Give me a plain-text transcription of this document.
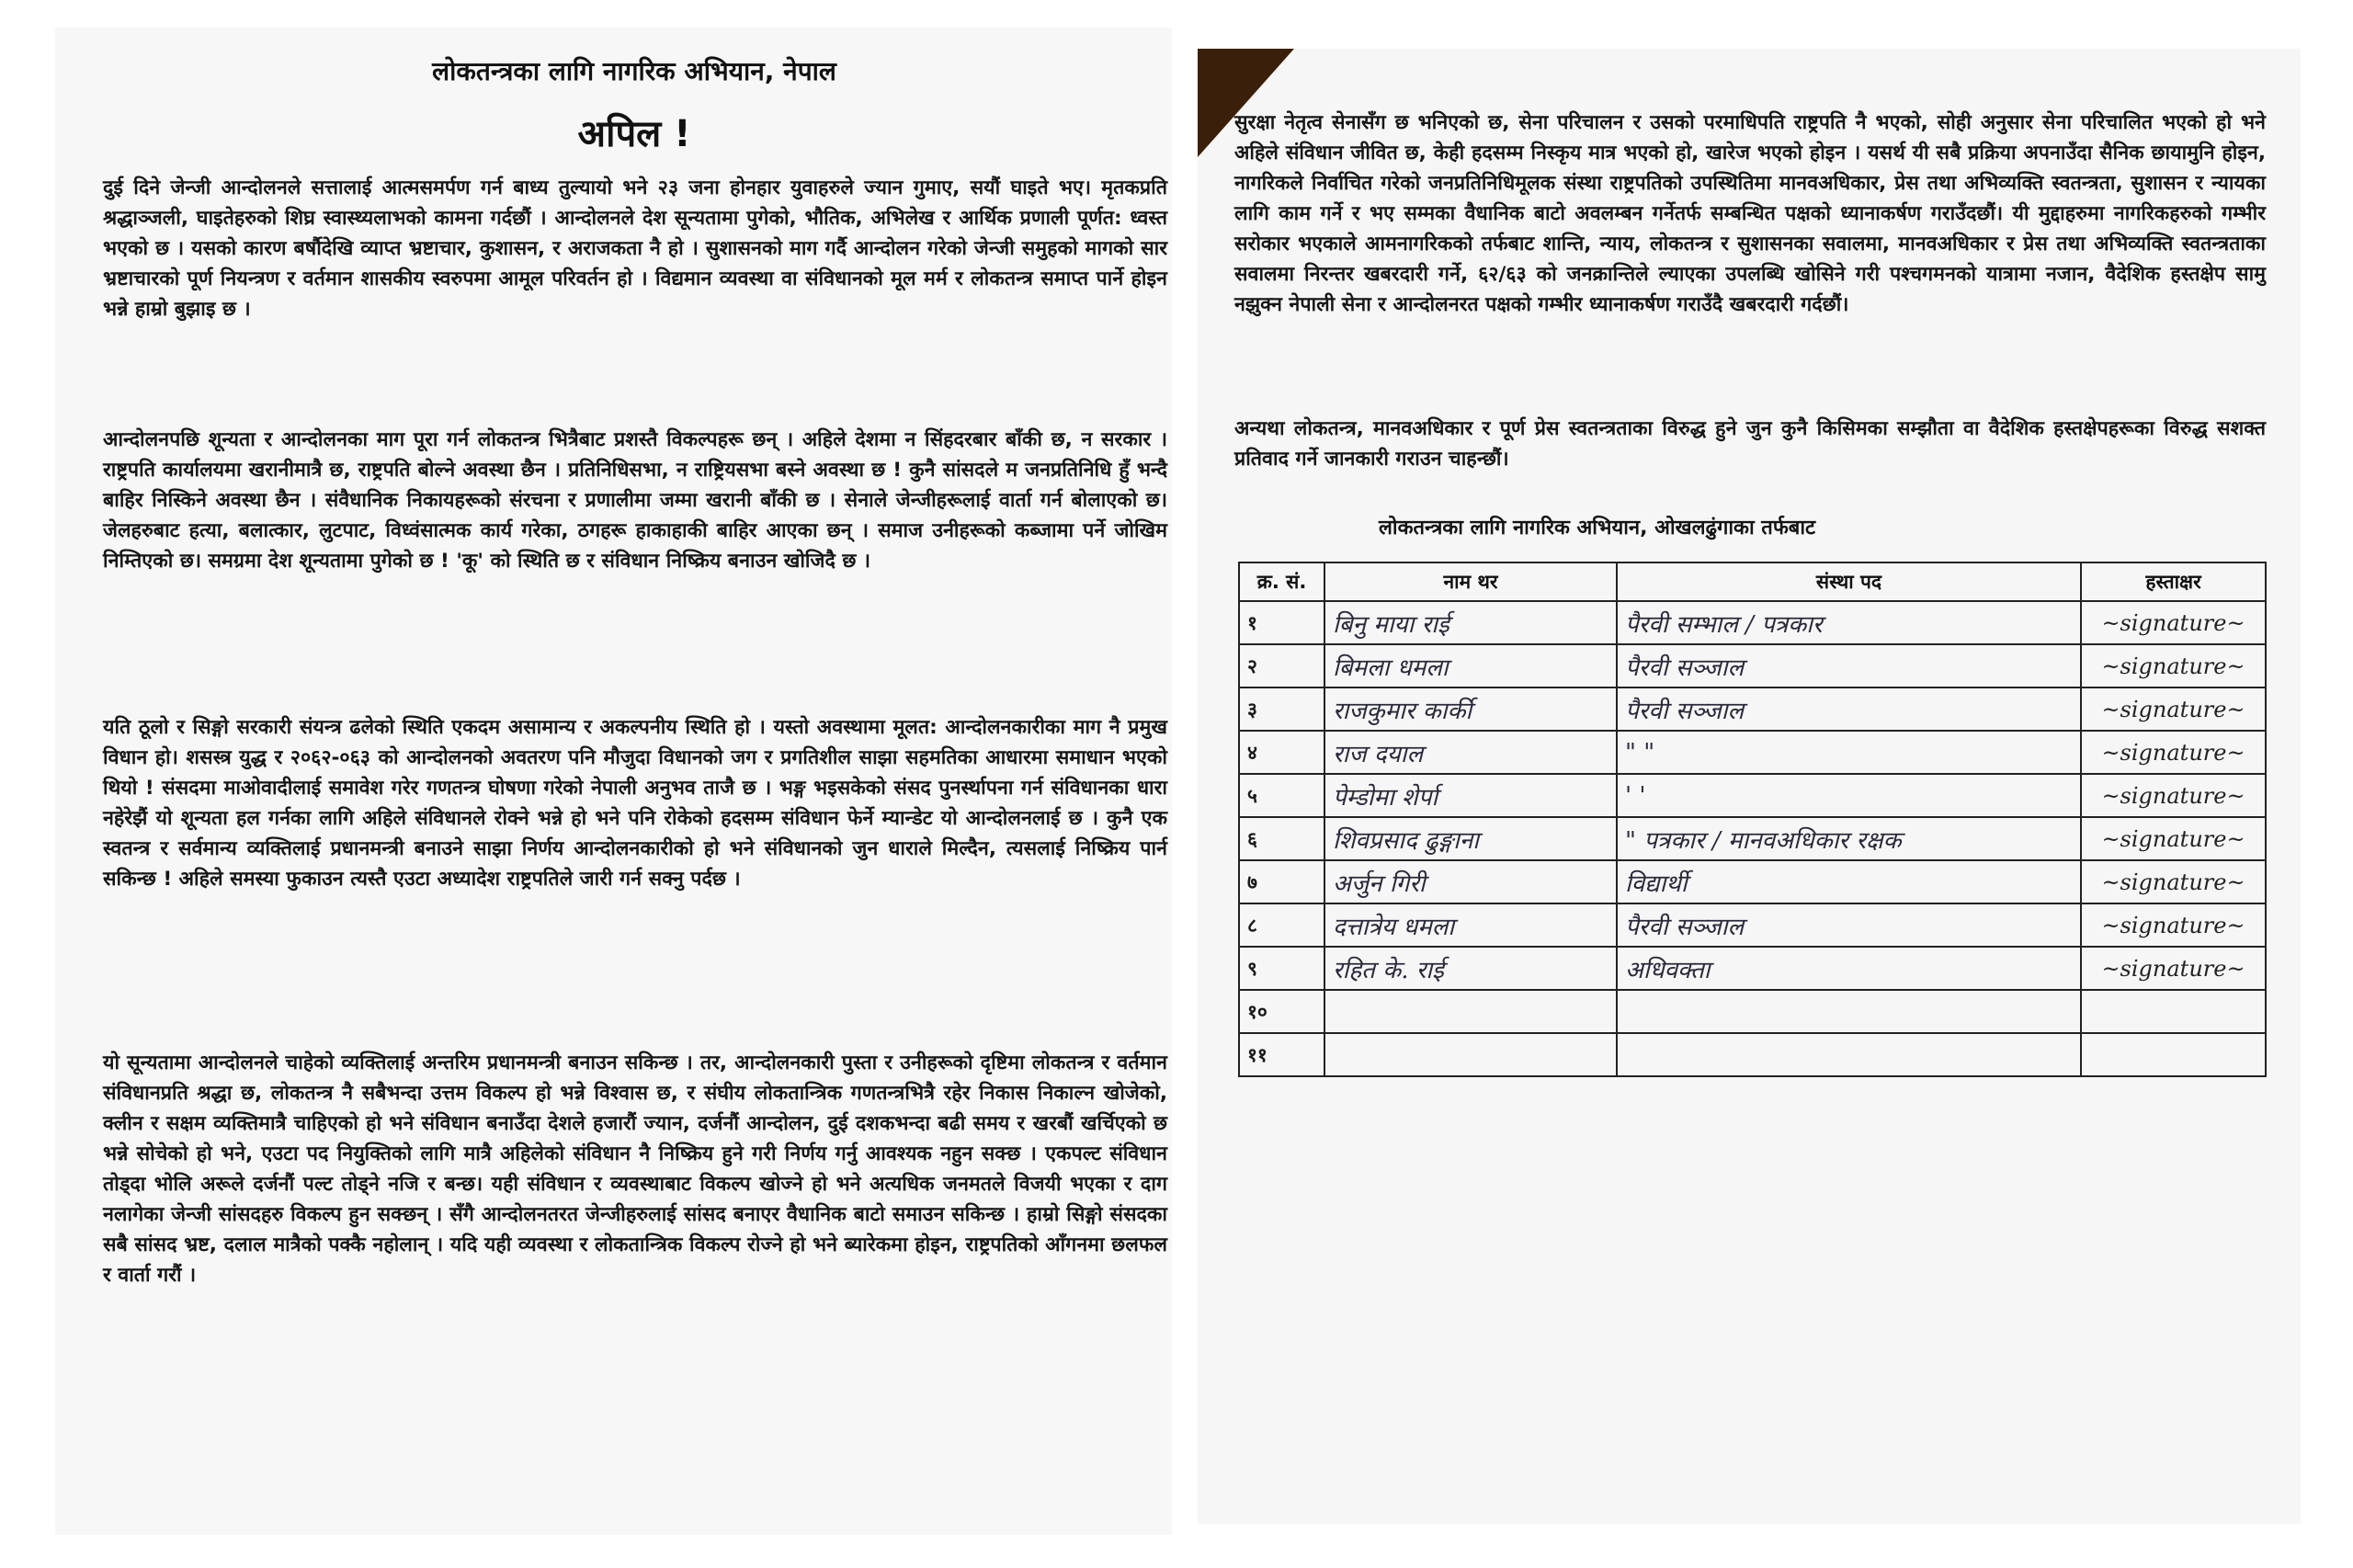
लोकतन्त्रका लागि नागरिक अभियान, नेपाल
अपिल !
दुई दिने जेन्जी आन्दोलनले सत्तालाई आत्मसमर्पण गर्न बाध्य तुल्यायो भने २३ जना होनहार युवाहरुले ज्यान गुमाए, सयौं घाइते भए। मृतकप्रति श्रद्धाञ्जली, घाइतेहरुको शिघ्र स्वास्थ्यलाभको कामना गर्दछौं । आन्दोलनले देश सून्यतामा पुगेको, भौतिक, अभिलेख र आर्थिक प्रणाली पूर्णत: ध्वस्त भएको छ । यसको कारण बर्षौदेखि व्याप्त भ्रष्टाचार, कुशासन, र अराजकता नै हो । सुशासनको माग गर्दै आन्दोलन गरेको जेन्जी समुहको मागको सार भ्रष्टाचारको पूर्ण नियन्त्रण र वर्तमान शासकीय स्वरुपमा आमूल परिवर्तन हो । विद्यमान व्यवस्था वा संविधानको मूल मर्म र लोकतन्त्र समाप्त पार्ने होइन भन्ने हाम्रो बुझाइ छ ।
आन्दोलनपछि शून्यता र आन्दोलनका माग पूरा गर्न लोकतन्त्र भित्रैबाट प्रशस्तै विकल्पहरू छन् । अहिले देशमा न सिंहदरबार बाँकी छ, न सरकार । राष्ट्रपति कार्यालयमा खरानीमात्रै छ, राष्ट्रपति बोल्ने अवस्था छैन । प्रतिनिधिसभा, न राष्ट्रियसभा बस्ने अवस्था छ ! कुनै सांसदले म जनप्रतिनिधि हुँ भन्दै बाहिर निस्किने अवस्था छैन । संवैधानिक निकायहरूको संरचना र प्रणालीमा जम्मा खरानी बाँकी छ । सेनाले जेन्जीहरूलाई वार्ता गर्न बोलाएको छ। जेलहरुबाट हत्या, बलात्कार, लुटपाट, विध्वंसात्मक कार्य गरेका, ठगहरू हाकाहाकी बाहिर आएका छन् । समाज उनीहरूको कब्जामा पर्ने जोखिम निम्तिएको छ। समग्रमा देश शून्यतामा पुगेको छ ! 'कू' को स्थिति छ र संविधान निष्क्रिय बनाउन खोजिदै छ ।
यति ठूलो र सिङ्गो सरकारी संयन्त्र ढलेको स्थिति एकदम असामान्य र अकल्पनीय स्थिति हो । यस्तो अवस्थामा मूलत: आन्दोलनकारीका माग नै प्रमुख विधान हो। शसस्त्र युद्ध र २०६२-०६३ को आन्दोलनको अवतरण पनि मौजुदा विधानको जग र प्रगतिशील साझा सहमतिका आधारमा समाधान भएको थियो ! संसदमा माओवादीलाई समावेश गरेर गणतन्त्र घोषणा गरेको नेपाली अनुभव ताजै छ । भङ्ग भइसकेको संसद पुनर्स्थापना गर्न संविधानका धारा नहेरेझैं यो शून्यता हल गर्नका लागि अहिले संविधानले रोक्ने भन्ने हो भने पनि रोकेको हदसम्म संविधान फेर्ने म्यान्डेट यो आन्दोलनलाई छ । कुनै एक स्वतन्त्र र सर्वमान्य व्यक्तिलाई प्रधानमन्त्री बनाउने साझा निर्णय आन्दोलनकारीको हो भने संविधानको जुन धाराले मिल्दैन, त्यसलाई निष्क्रिय पार्न सकिन्छ ! अहिले समस्या फुकाउन त्यस्तै एउटा अध्यादेश राष्ट्रपतिले जारी गर्न सक्नु पर्दछ ।
यो सून्यतामा आन्दोलनले चाहेको व्यक्तिलाई अन्तरिम प्रधानमन्त्री बनाउन सकिन्छ । तर, आन्दोलनकारी पुस्ता र उनीहरूको दृष्टिमा लोकतन्त्र र वर्तमान संविधानप्रति श्रद्धा छ, लोकतन्त्र नै सबैभन्दा उत्तम विकल्प हो भन्ने विश्वास छ, र संघीय लोकतान्त्रिक गणतन्त्रभित्रै रहेर निकास निकाल्न खोजेको, क्लीन र सक्षम व्यक्तिमात्रै चाहिएको हो भने संविधान बनाउँदा देशले हजारौं ज्यान, दर्जनौं आन्दोलन, दुई दशकभन्दा बढी समय र खरबौं खर्चिएको छ भन्ने सोचेको हो भने, एउटा पद नियुक्तिको लागि मात्रै अहिलेको संविधान नै निष्क्रिय हुने गरी निर्णय गर्नु आवश्यक नहुन सक्छ । एकपल्ट संविधान तोड्दा भोलि अरूले दर्जनौं पल्ट तोड्ने नजि र बन्छ। यही संविधान र व्यवस्थाबाट विकल्प खोज्ने हो भने अत्यधिक जनमतले विजयी भएका र दाग नलागेका जेन्जी सांसदहरु विकल्प हुन सक्छन् । सँगै आन्दोलनतरत जेन्जीहरुलाई सांसद बनाएर वैधानिक बाटो समाउन सकिन्छ । हाम्रो सिङ्गो संसदका सबै सांसद भ्रष्ट, दलाल मात्रैको पक्कै नहोलान् । यदि यही व्यवस्था र लोकतान्त्रिक विकल्प रोज्ने हो भने ब्यारेकमा होइन, राष्ट्रपतिको आँगनमा छलफल र वार्ता गरौं ।
सुरक्षा नेतृत्व सेनासँग छ भनिएको छ, सेना परिचालन र उसको परमाधिपति राष्ट्रपति नै भएको, सोही अनुसार सेना परिचालित भएको हो भने अहिले संविधान जीवित छ, केही हदसम्म निस्कृय मात्र भएको हो, खारेज भएको होइन । यसर्थ यी सबै प्रक्रिया अपनाउँदा सैनिक छायामुनि होइन, नागरिकले निर्वाचित गरेको जनप्रतिनिधिमूलक संस्था राष्ट्रपतिको उपस्थितिमा मानवअधिकार, प्रेस तथा अभिव्यक्ति स्वतन्त्रता, सुशासन र न्यायका लागि काम गर्ने र भए सम्मका वैधानिक बाटो अवलम्बन गर्नेतर्फ सम्बन्धित पक्षको ध्यानाकर्षण गराउँदछौं। यी मुद्दाहरुमा नागरिकहरुको गम्भीर सरोकार भएकाले आमनागरिकको तर्फबाट शान्ति, न्याय, लोकतन्त्र र सुशासनका सवालमा, मानवअधिकार र प्रेस तथा अभिव्यक्ति स्वतन्त्रताका सवालमा निरन्तर खबरदारी गर्ने, ६२/६३ को जनक्रान्तिले ल्याएका उपलब्धि खोसिने गरी पश्चगमनको यात्रामा नजान, वैदेशिक हस्तक्षेप सामु नझुक्न नेपाली सेना र आन्दोलनरत पक्षको गम्भीर ध्यानाकर्षण गराउँदै खबरदारी गर्दछौं।
अन्यथा लोकतन्त्र, मानवअधिकार र पूर्ण प्रेस स्वतन्त्रताका विरुद्ध हुने जुन कुनै किसिमका सम्झौता वा वैदेशिक हस्तक्षेपहरूका विरुद्ध सशक्त प्रतिवाद गर्ने जानकारी गराउन चाहन्छौं।
लोकतन्त्रका लागि नागरिक अभियान, ओखलढुंगाका तर्फबाट
क्र. सं.	नाम थर	संस्था पद	हस्ताक्षर
१	बिनु माया राई	पैरवी सम्भाल / पत्रकार	~signature~
२	बिमला धमला	पैरवी सञ्जाल	~signature~
३	राजकुमार कार्की	पैरवी सञ्जाल	~signature~
४	राज दयाल	" "	~signature~
५	पेम्डोमा शेर्पा	' '	~signature~
६	शिवप्रसाद ढुङ्गाना	" पत्रकार / मानवअधिकार रक्षक	~signature~
७	अर्जुन गिरी	विद्यार्थी	~signature~
८	दत्तात्रेय धमला	पैरवी सञ्जाल	~signature~
९	रहित के. राई	अधिवक्ता	~signature~
१०			
११			
